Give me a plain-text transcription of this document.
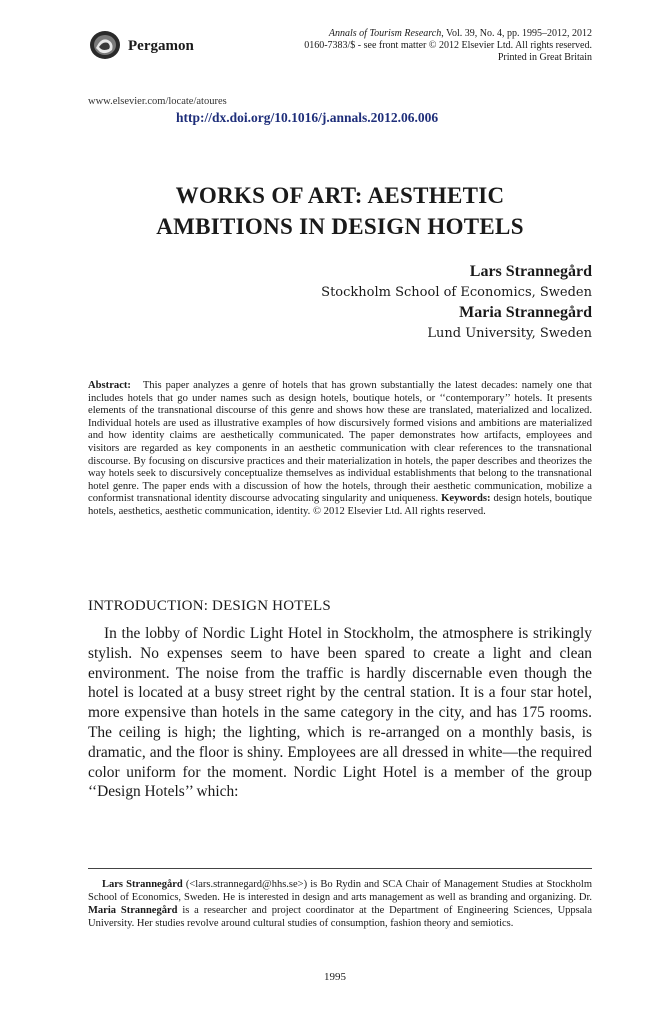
Pergamon
Annals of Tourism Research, Vol. 39, No. 4, pp. 1995–2012, 2012
0160-7383/$ - see front matter © 2012 Elsevier Ltd. All rights reserved.
Printed in Great Britain
www.elsevier.com/locate/atoures
http://dx.doi.org/10.1016/j.annals.2012.06.006
WORKS OF ART: AESTHETIC
AMBITIONS IN DESIGN HOTELS
Lars Strannegård
Stockholm School of Economics, Sweden
Maria Strannegård
Lund University, Sweden
Abstract: This paper analyzes a genre of hotels that has grown substantially the latest decades: namely one that includes hotels that go under names such as design hotels, boutique hotels, or ‘‘contemporary’’ hotels. It presents elements of the transnational discourse of this genre and shows how these are translated, materialized and localized. Individual hotels are used as illustrative examples of how discursively formed visions and ambitions are materialized and how identity claims are aesthetically communicated. The paper demonstrates how artifacts, employees and visitors are regarded as key components in an aesthetic communication with clear references to the transnational discourse. By focusing on discursive practices and their materialization in hotels, the paper describes and theorizes the way hotels seek to discursively conceptualize themselves as individual establishments that belong to the transnational hotel genre. The paper ends with a discussion of how the hotels, through their aesthetic communication, mobilize a conformist transnational identity discourse advocating singularity and uniqueness. Keywords: design hotels, boutique hotels, aesthetics, aesthetic communication, identity. © 2012 Elsevier Ltd. All rights reserved.
INTRODUCTION: DESIGN HOTELS
In the lobby of Nordic Light Hotel in Stockholm, the atmosphere is strikingly stylish. No expenses seem to have been spared to create a light and clean environment. The noise from the traffic is hardly discernable even though the hotel is located at a busy street right by the central station. It is a four star hotel, more expensive than hotels in the same category in the city, and has 175 rooms. The ceiling is high; the lighting, which is re-arranged on a monthly basis, is dramatic, and the floor is shiny. Employees are all dressed in white—the required color uniform for the moment. Nordic Light Hotel is a member of the group ‘‘Design Hotels’’ which:
Lars Strannegård (<lars.strannegard@hhs.se>) is Bo Rydin and SCA Chair of Management Studies at Stockholm School of Economics, Sweden. He is interested in design and arts management as well as branding and organizing. Dr. Maria Strannegård is a researcher and project coordinator at the Department of Engineering Sciences, Uppsala University. Her studies revolve around cultural studies of consumption, fashion theory and semiotics.
1995
